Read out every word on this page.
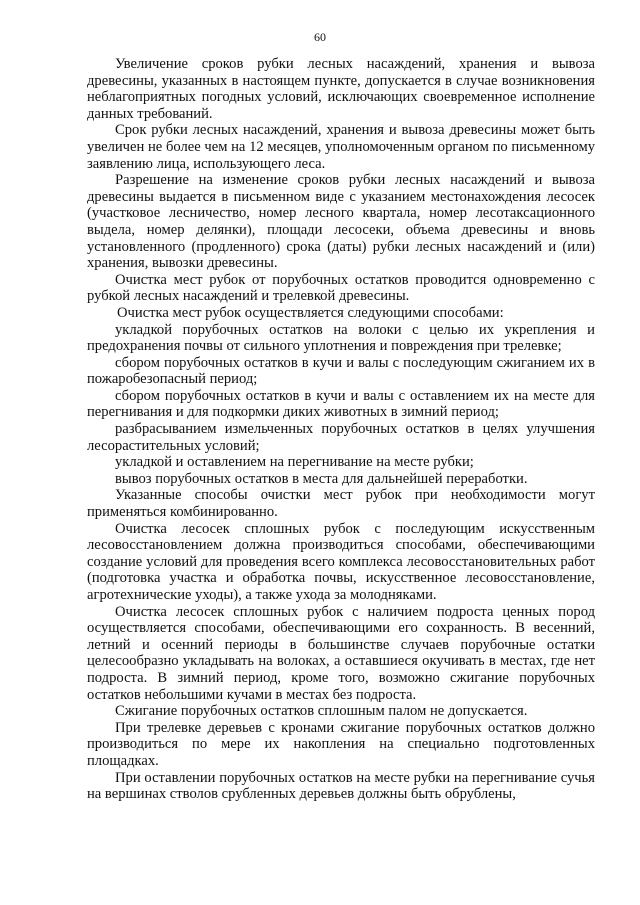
60

Увеличение сроков рубки лесных насаждений, хранения и вывоза древесины, указанных в настоящем пункте, допускается в случае возникновения неблагоприятных погодных условий, исключающих своевременное исполнение данных требований.

Срок рубки лесных насаждений, хранения и вывоза древесины может быть увеличен не более чем на 12 месяцев, уполномоченным органом по письменному заявлению лица, использующего леса.

Разрешение на изменение сроков рубки лесных насаждений и вывоза древесины выдается в письменном виде с указанием местонахождения лесосек (участковое лесничество, номер лесного квартала, номер лесотаксационного выдела, номер делянки), площади лесосеки, объема древесины и вновь установленного (продленного) срока (даты) рубки лесных насаждений и (или) хранения, вывозки древесины.

Очистка мест рубок от порубочных остатков проводится одновременно с рубкой лесных насаждений и трелевкой древесины.

Очистка мест рубок осуществляется следующими способами:

укладкой порубочных остатков на волоки с целью их укрепления и предохранения почвы от сильного уплотнения и повреждения при трелевке;

сбором порубочных остатков в кучи и валы с последующим сжиганием их в пожаробезопасный период;

сбором порубочных остатков в кучи и валы с оставлением их на месте для перегнивания и для подкормки диких животных в зимний период;

разбрасыванием измельченных порубочных остатков в целях улучшения лесорастительных условий;

укладкой и оставлением на перегнивание на месте рубки;

вывоз порубочных остатков в места для дальнейшей переработки.

Указанные способы очистки мест рубок при необходимости могут применяться комбинированно.

Очистка лесосек сплошных рубок с последующим искусственным лесовосстановлением должна производиться способами, обеспечивающими создание условий для проведения всего комплекса лесовосстановительных работ (подготовка участка и обработка почвы, искусственное лесовосстановление, агротехнические уходы), а также ухода за молодняками.

Очистка лесосек сплошных рубок с наличием подроста ценных пород осуществляется способами, обеспечивающими его сохранность. В весенний, летний и осенний периоды в большинстве случаев порубочные остатки целесообразно укладывать на волоках, а оставшиеся окучивать в местах, где нет подроста. В зимний период, кроме того, возможно сжигание порубочных остатков небольшими кучами в местах без подроста.

Сжигание порубочных остатков сплошным палом не допускается.

При трелевке деревьев с кронами сжигание порубочных остатков должно производиться по мере их накопления на специально подготовленных площадках.

При оставлении порубочных остатков на месте рубки на перегнивание сучья на вершинах стволов срубленных деревьев должны быть обрублены,
